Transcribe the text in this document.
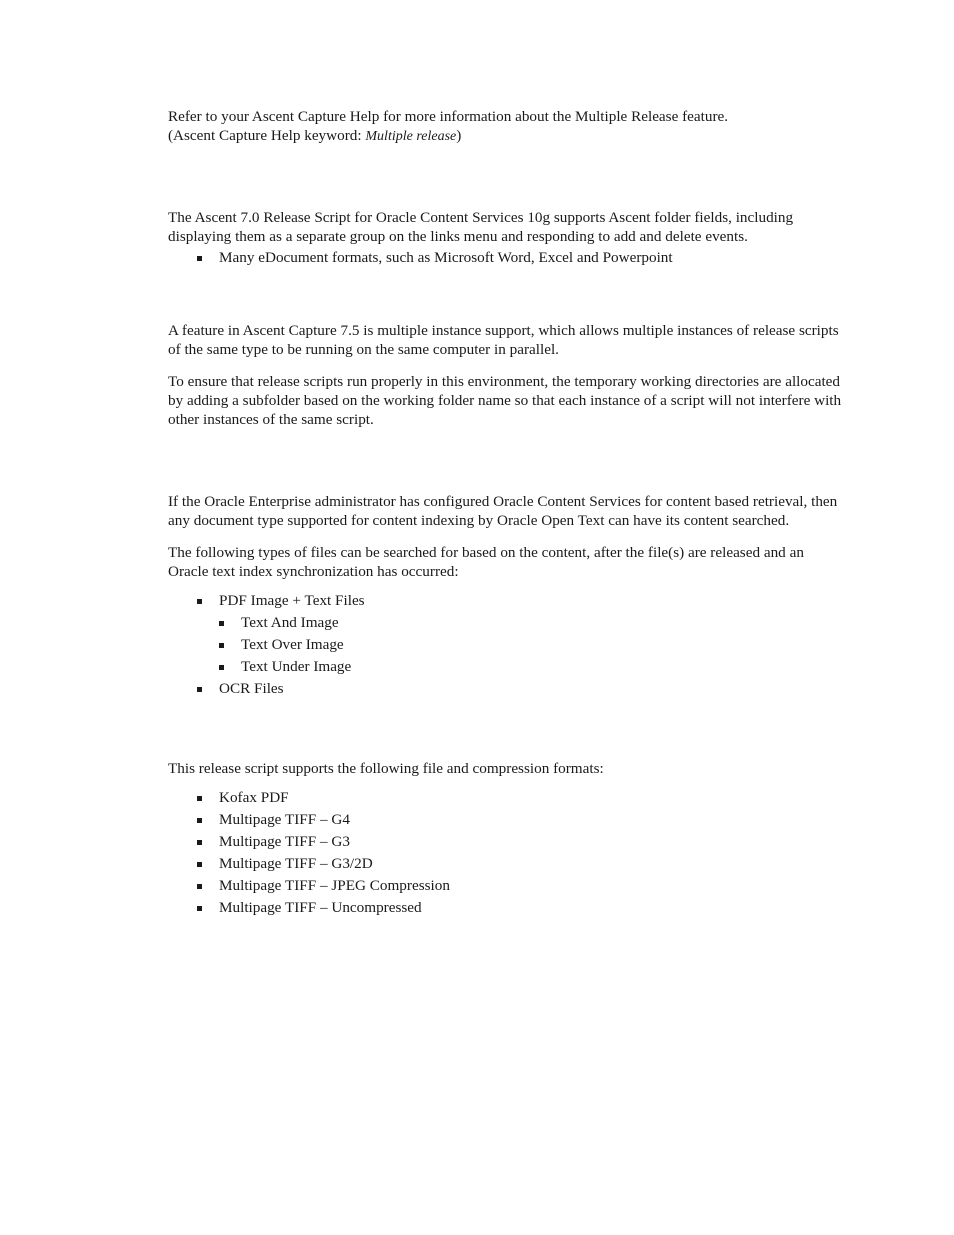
Refer to your Ascent Capture Help for more information about the Multiple Release feature.
(Ascent Capture Help keyword: Multiple release)

The Ascent 7.0 Release Script for Oracle Content Services 10g supports Ascent folder fields, including displaying them as a separate group on the links menu and responding to add and delete events.

Many eDocument formats, such as Microsoft Word, Excel and Powerpoint

A feature in Ascent Capture 7.5 is multiple instance support, which allows multiple instances of release scripts of the same type to be running on the same computer in parallel.

To ensure that release scripts run properly in this environment, the temporary working directories are allocated by adding a subfolder based on the working folder name so that each instance of a script will not interfere with other instances of the same script.

If the Oracle Enterprise administrator has configured Oracle Content Services for content based retrieval, then any document type supported for content indexing by Oracle Open Text can have its content searched.

The following types of files can be searched for based on the content, after the file(s) are released and an Oracle text index synchronization has occurred:

PDF Image + Text Files
Text And Image
Text Over Image
Text Under Image
OCR Files

This release script supports the following file and compression formats:

Kofax PDF
Multipage TIFF – G4
Multipage TIFF – G3
Multipage TIFF – G3/2D
Multipage TIFF – JPEG Compression
Multipage TIFF – Uncompressed
